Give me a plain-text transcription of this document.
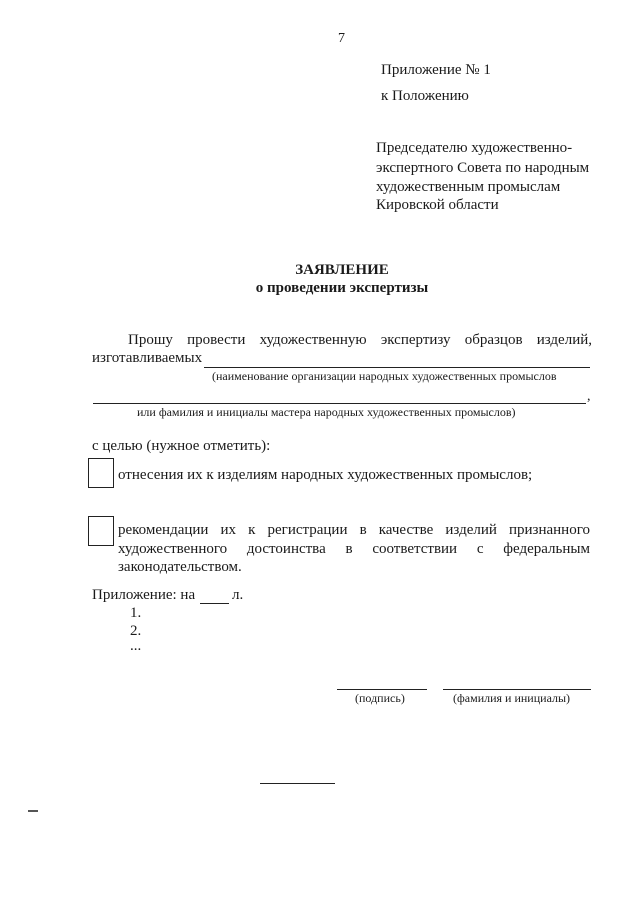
7
Приложение № 1
к Положению
Председателю художественно-
экспертного Совета по народным
художественным промыслам
Кировской области
ЗАЯВЛЕНИЕ
о проведении экспертизы
Прошу провести художественную экспертизу образцов изделий,
изготавливаемых
(наименование организации народных художественных промыслов
,
или фамилия и инициалы мастера народных художественных промыслов)
с целью (нужное отметить):
отнесения их к изделиям народных художественных промыслов;
рекомендации их к регистрации в качестве изделий признанного
художественного достоинства в соответствии с федеральным
законодательством.
Приложение: на л.
1.
2.
...
(подпись)	(фамилия и инициалы)
